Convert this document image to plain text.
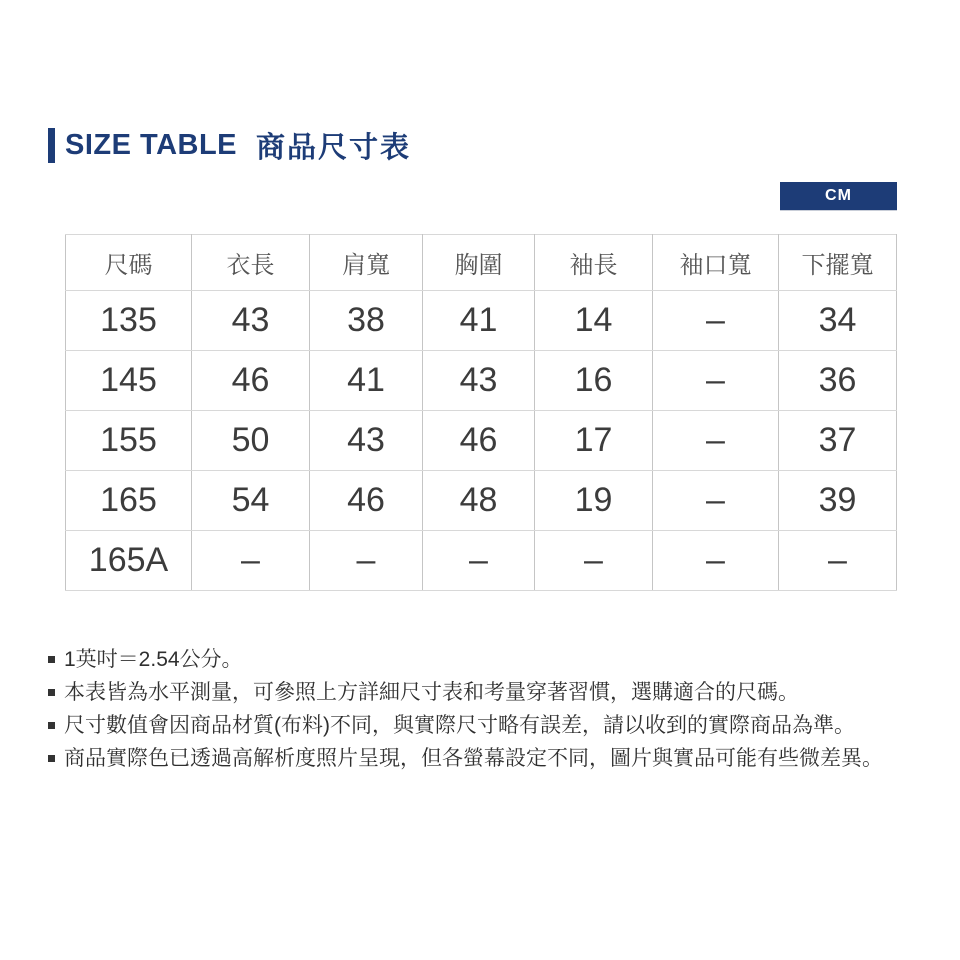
SIZE TABLE 商品尺寸表
CM
尺碼	衣長	肩寬	胸圍	袖長	袖口寬	下擺寬
135	43	38	41	14	–	34
145	46	41	43	16	–	36
155	50	43	46	17	–	37
165	54	46	48	19	–	39
165A	–	–	–	–	–	–
1英吋＝2.54公分。
本表皆為水平測量，可參照上方詳細尺寸表和考量穿著習慣，選購適合的尺碼。
尺寸數值會因商品材質(布料)不同，與實際尺寸略有誤差，請以收到的實際商品為準。
商品實際色已透過高解析度照片呈現，但各螢幕設定不同，圖片與實品可能有些微差異。
